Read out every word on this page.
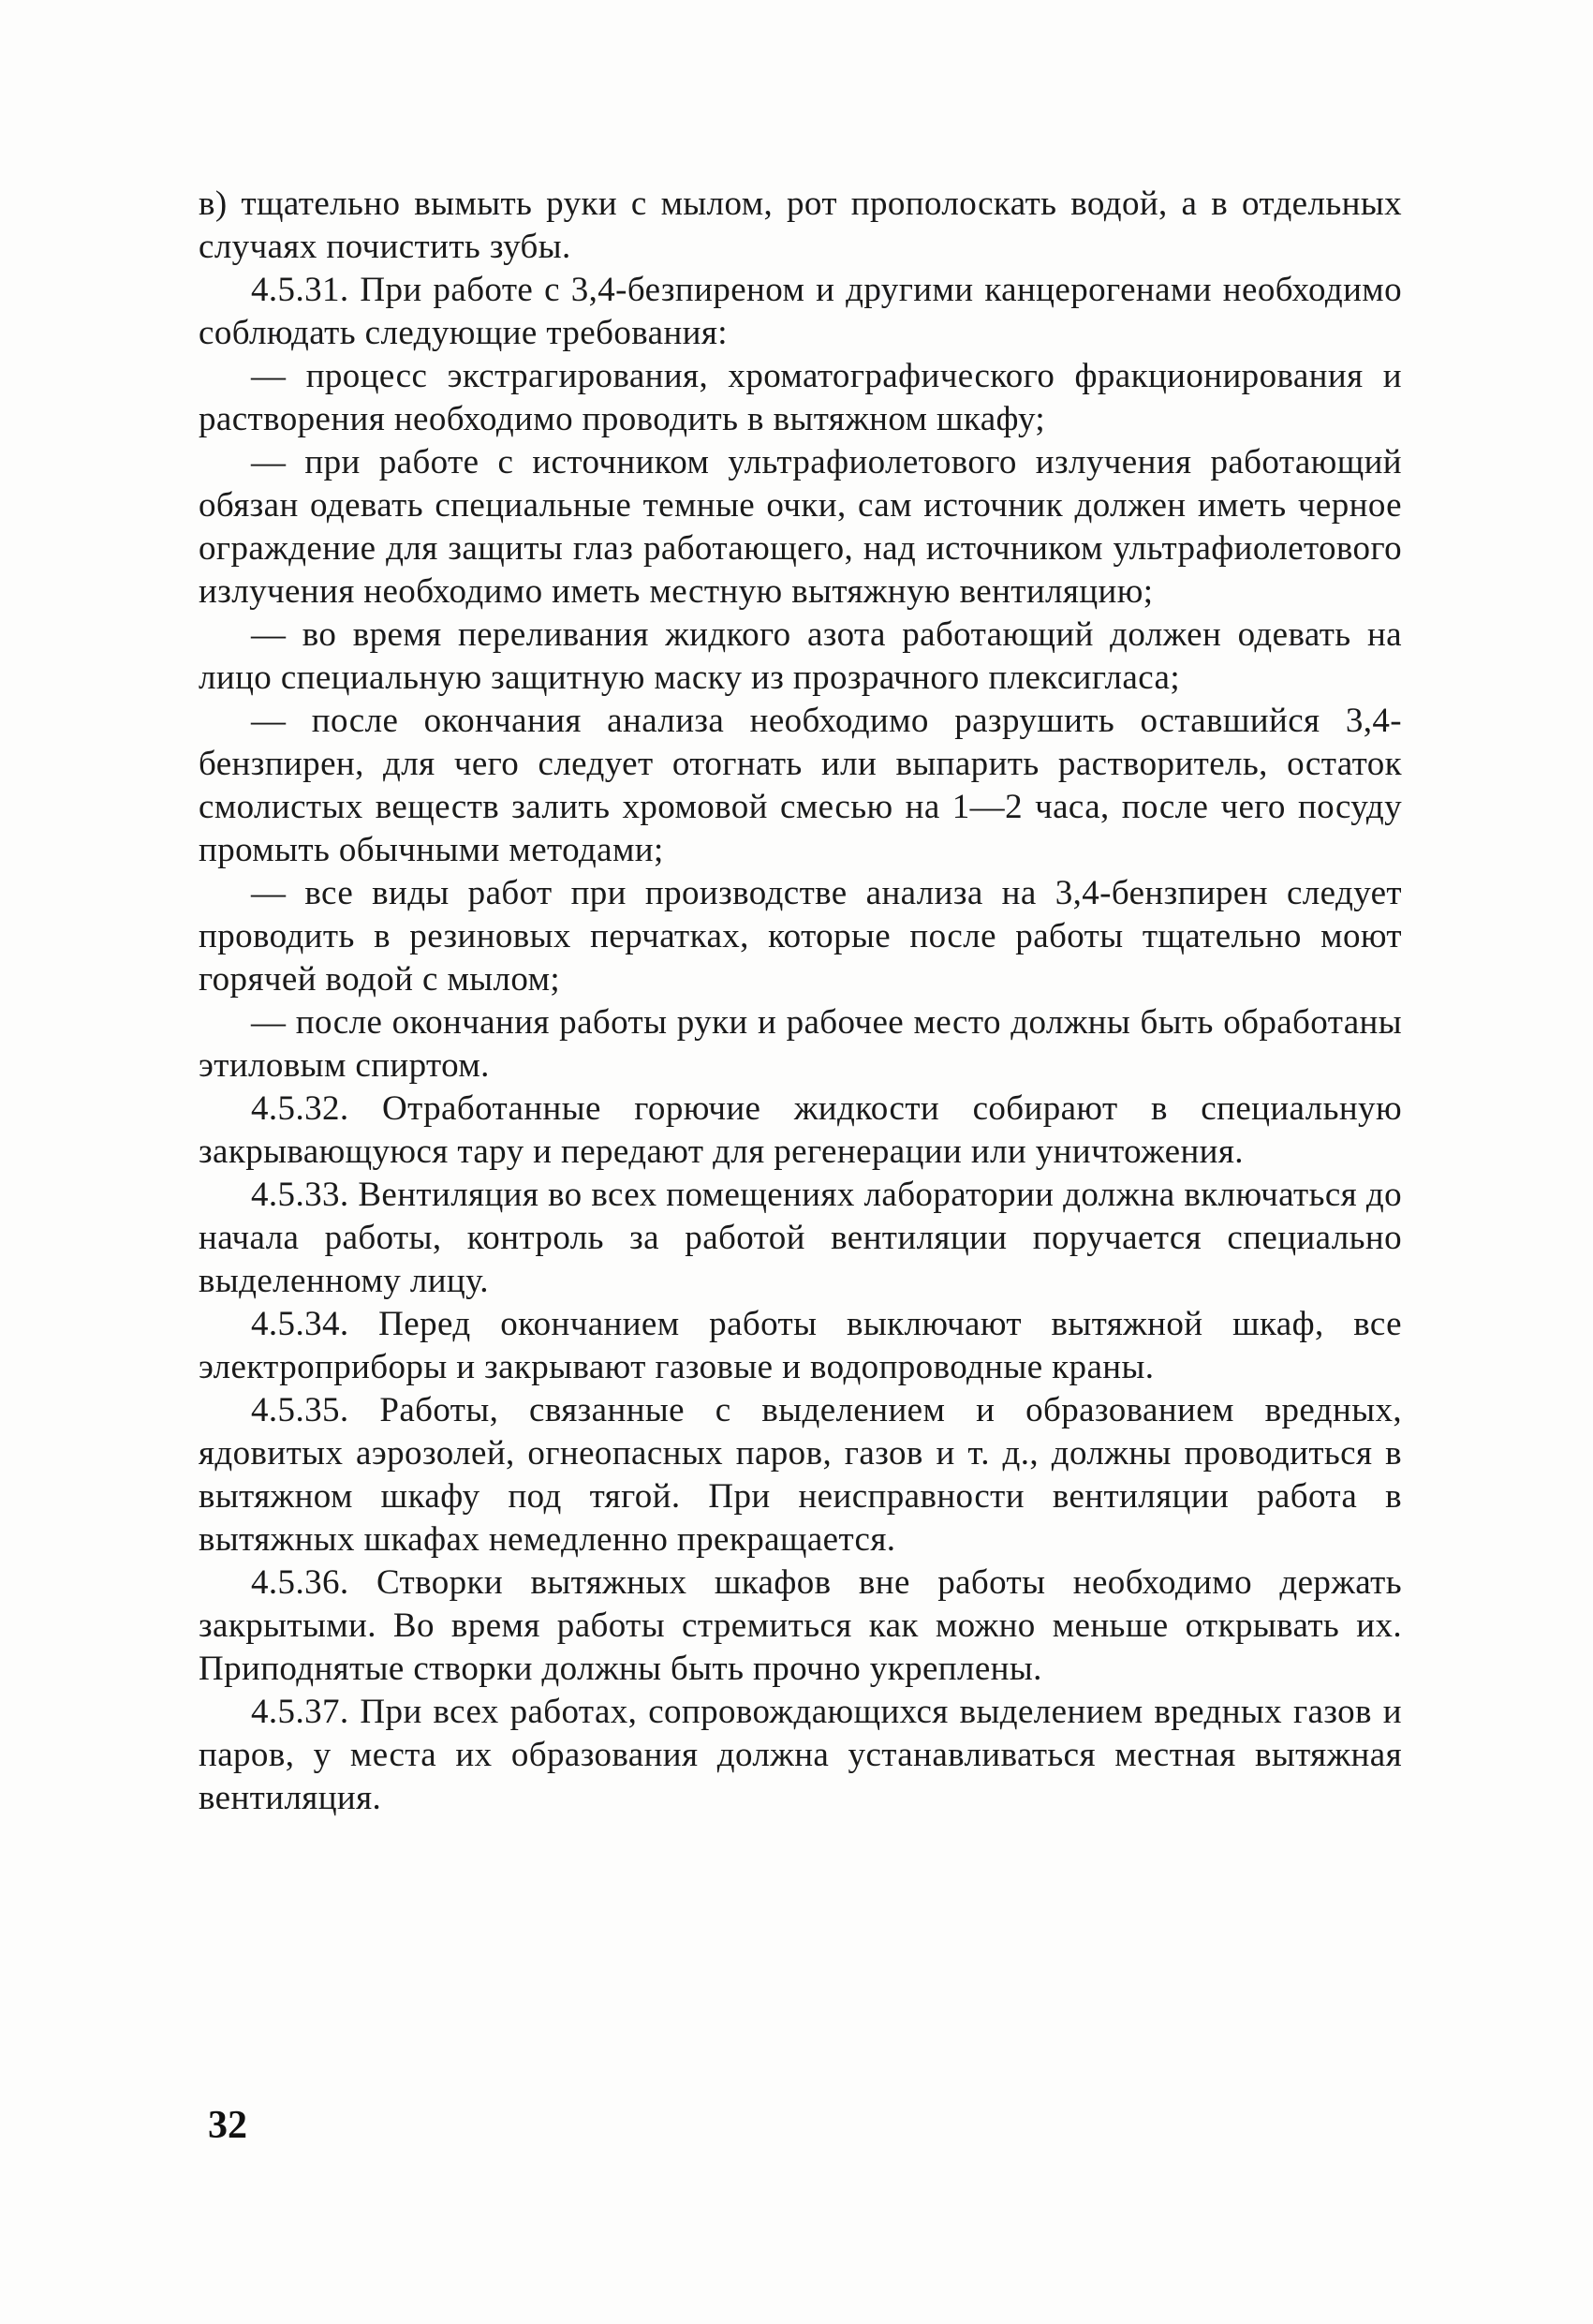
в) тщательно вымыть руки с мылом, рот прополоскать водой, а в отдельных случаях почистить зубы.

4.5.31. При работе с 3,4-безпиреном и другими канцерогенами необходимо соблюдать следующие требования:

— процесс экстрагирования, хроматографического фракционирования и растворения необходимо проводить в вытяжном шкафу;

— при работе с источником ультрафиолетового излучения работающий обязан одевать специальные темные очки, сам источник должен иметь черное ограждение для защиты глаз работающего, над источником ультрафиолетового излучения необходимо иметь местную вытяжную вентиляцию;

— во время переливания жидкого азота работающий должен одевать на лицо специальную защитную маску из прозрачного плексигласа;

— после окончания анализа необходимо разрушить оставшийся 3,4-бензпирен, для чего следует отогнать или выпарить растворитель, остаток смолистых веществ залить хромовой смесью на 1—2 часа, после чего посуду промыть обычными методами;

— все виды работ при производстве анализа на 3,4-бензпирен следует проводить в резиновых перчатках, которые после работы тщательно моют горячей водой с мылом;

— после окончания работы руки и рабочее место должны быть обработаны этиловым спиртом.

4.5.32. Отработанные горючие жидкости собирают в специальную закрывающуюся тару и передают для регенерации или уничтожения.

4.5.33. Вентиляция во всех помещениях лаборатории должна включаться до начала работы, контроль за работой вентиляции поручается специально выделенному лицу.

4.5.34. Перед окончанием работы выключают вытяжной шкаф, все электроприборы и закрывают газовые и водопроводные краны.

4.5.35. Работы, связанные с выделением и образованием вредных, ядовитых аэрозолей, огнеопасных паров, газов и т. д., должны проводиться в вытяжном шкафу под тягой. При неисправности вентиляции работа в вытяжных шкафах немедленно прекращается.

4.5.36. Створки вытяжных шкафов вне работы необходимо держать закрытыми. Во время работы стремиться как можно меньше открывать их. Приподнятые створки должны быть прочно укреплены.

4.5.37. При всех работах, сопровождающихся выделением вредных газов и паров, у места их образования должна устанавливаться местная вытяжная вентиляция.

32
